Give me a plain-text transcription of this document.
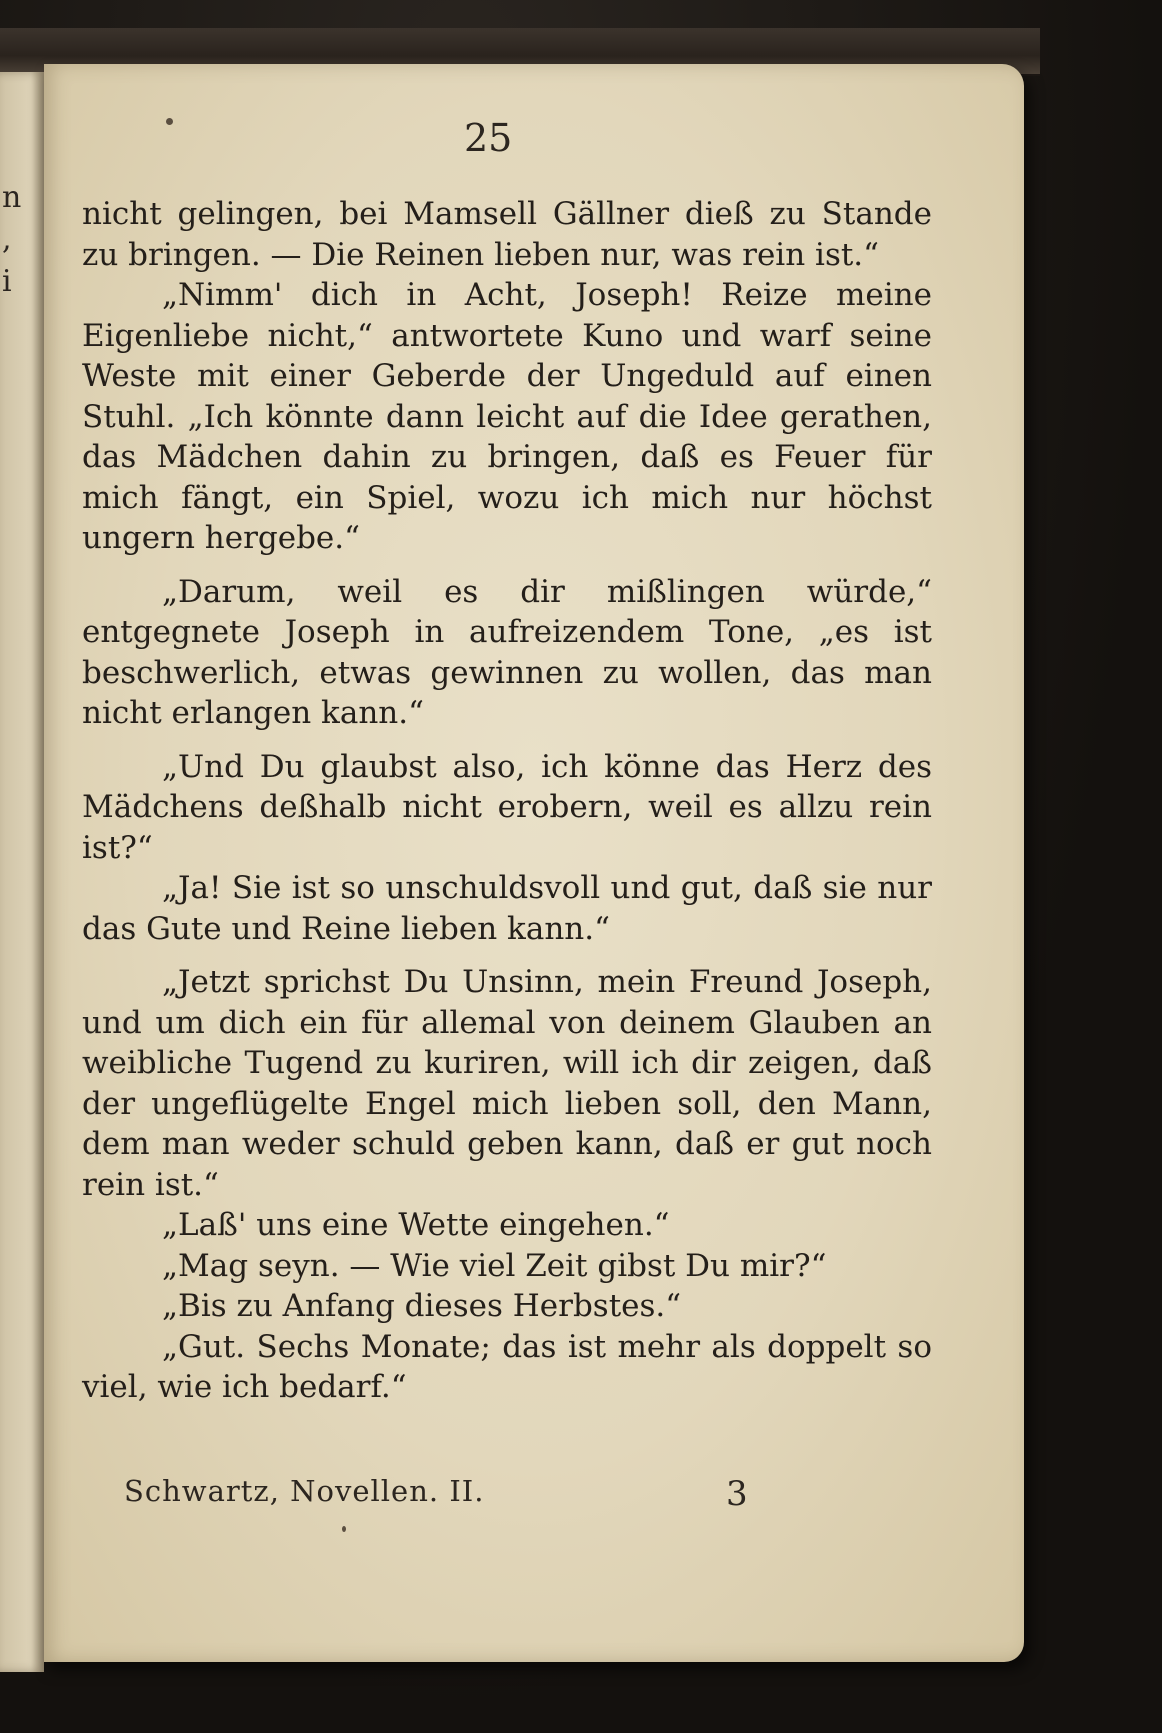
n
,
i
25

nicht gelingen, bei Mamsell Gällner dieß zu Stande zu bringen. — Die Reinen lieben nur, was rein ist.“

„Nimm' dich in Acht, Joseph! Reize meine Eigenliebe nicht,“ antwortete Kuno und warf seine Weste mit einer Geberde der Ungeduld auf einen Stuhl. „Ich könnte dann leicht auf die Idee gerathen, das Mädchen dahin zu bringen, daß es Feuer für mich fängt, ein Spiel, wozu ich mich nur höchst ungern hergebe.“

„Darum, weil es dir mißlingen würde,“ entgegnete Joseph in aufreizendem Tone, „es ist beschwerlich, etwas gewinnen zu wollen, das man nicht erlangen kann.“

„Und Du glaubst also, ich könne das Herz des Mädchens deßhalb nicht erobern, weil es allzu rein ist?“

„Ja! Sie ist so unschuldsvoll und gut, daß sie nur das Gute und Reine lieben kann.“

„Jetzt sprichst Du Unsinn, mein Freund Joseph, und um dich ein für allemal von deinem Glauben an weibliche Tugend zu kuriren, will ich dir zeigen, daß der ungeflügelte Engel mich lieben soll, den Mann, dem man weder schuld geben kann, daß er gut noch rein ist.“

„Laß' uns eine Wette eingehen.“

„Mag seyn. — Wie viel Zeit gibst Du mir?“

„Bis zu Anfang dieses Herbstes.“

„Gut. Sechs Monate; das ist mehr als doppelt so viel, wie ich bedarf.“

Schwartz, Novellen. II.	3
